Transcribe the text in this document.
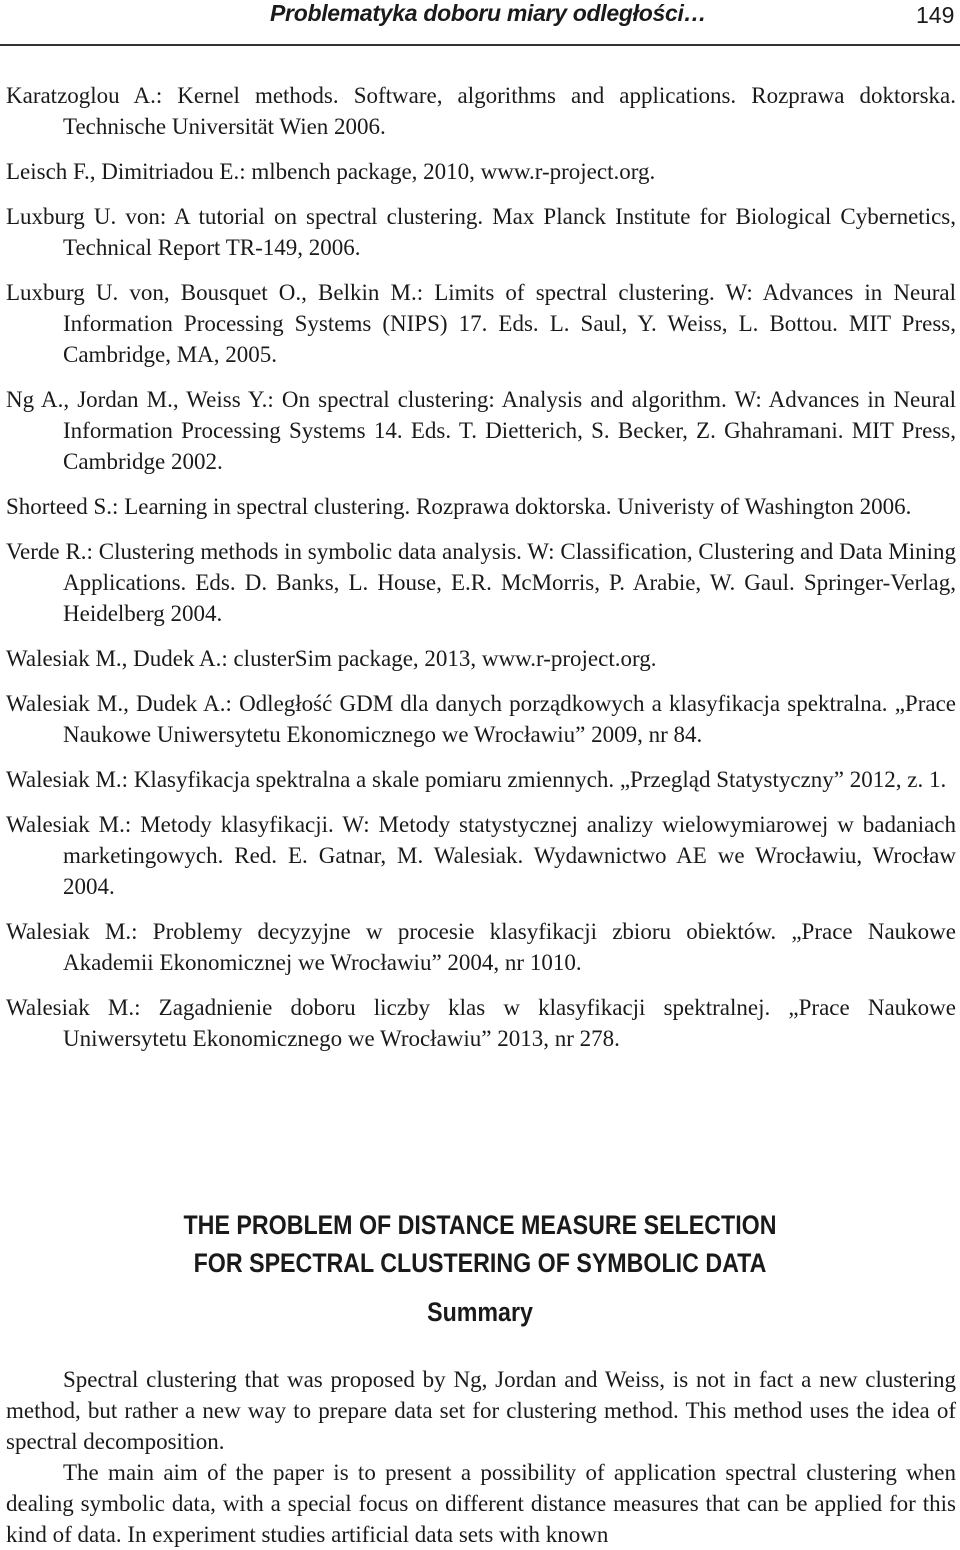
Problematyka doboru miary odległości…	149
Karatzoglou A.: Kernel methods. Software, algorithms and applications. Rozprawa doktorska. Technische Universität Wien 2006.
Leisch F., Dimitriadou E.: mlbench package, 2010, www.r-project.org.
Luxburg U. von: A tutorial on spectral clustering. Max Planck Institute for Biological Cybernetics, Technical Report TR-149, 2006.
Luxburg U. von, Bousquet O., Belkin M.: Limits of spectral clustering. W: Advances in Neural Information Processing Systems (NIPS) 17. Eds. L. Saul, Y. Weiss, L. Bottou. MIT Press, Cambridge, MA, 2005.
Ng A., Jordan M., Weiss Y.: On spectral clustering: Analysis and algorithm. W: Advances in Neural Information Processing Systems 14. Eds. T. Dietterich, S. Becker, Z. Ghahramani. MIT Press, Cambridge 2002.
Shorteed S.: Learning in spectral clustering. Rozprawa doktorska. Univeristy of Washington 2006.
Verde R.: Clustering methods in symbolic data analysis. W: Classification, Clustering and Data Mining Applications. Eds. D. Banks, L. House, E.R. McMorris, P. Arabie, W. Gaul. Springer-Verlag, Heidelberg 2004.
Walesiak M., Dudek A.: clusterSim package, 2013, www.r-project.org.
Walesiak M., Dudek A.: Odległość GDM dla danych porządkowych a klasyfikacja spektralna. „Prace Naukowe Uniwersytetu Ekonomicznego we Wrocławiu” 2009, nr 84.
Walesiak M.: Klasyfikacja spektralna a skale pomiaru zmiennych. „Przegląd Statystyczny” 2012, z. 1.
Walesiak M.: Metody klasyfikacji. W: Metody statystycznej analizy wielowymiarowej w badaniach marketingowych. Red. E. Gatnar, M. Walesiak. Wydawnictwo AE we Wrocławiu, Wrocław 2004.
Walesiak M.: Problemy decyzyjne w procesie klasyfikacji zbioru obiektów. „Prace Naukowe Akademii Ekonomicznej we Wrocławiu” 2004, nr 1010.
Walesiak M.: Zagadnienie doboru liczby klas w klasyfikacji spektralnej. „Prace Naukowe Uniwersytetu Ekonomicznego we Wrocławiu” 2013, nr 278.
THE PROBLEM OF DISTANCE MEASURE SELECTION
FOR SPECTRAL CLUSTERING OF SYMBOLIC DATA
Summary

Spectral clustering that was proposed by Ng, Jordan and Weiss, is not in fact a new clustering method, but rather a new way to prepare data set for clustering method. This method uses the idea of spectral decomposition.

The main aim of the paper is to present a possibility of application spectral clustering when dealing symbolic data, with a special focus on different distance measures that can be applied for this kind of data. In experiment studies artificial data sets with known
